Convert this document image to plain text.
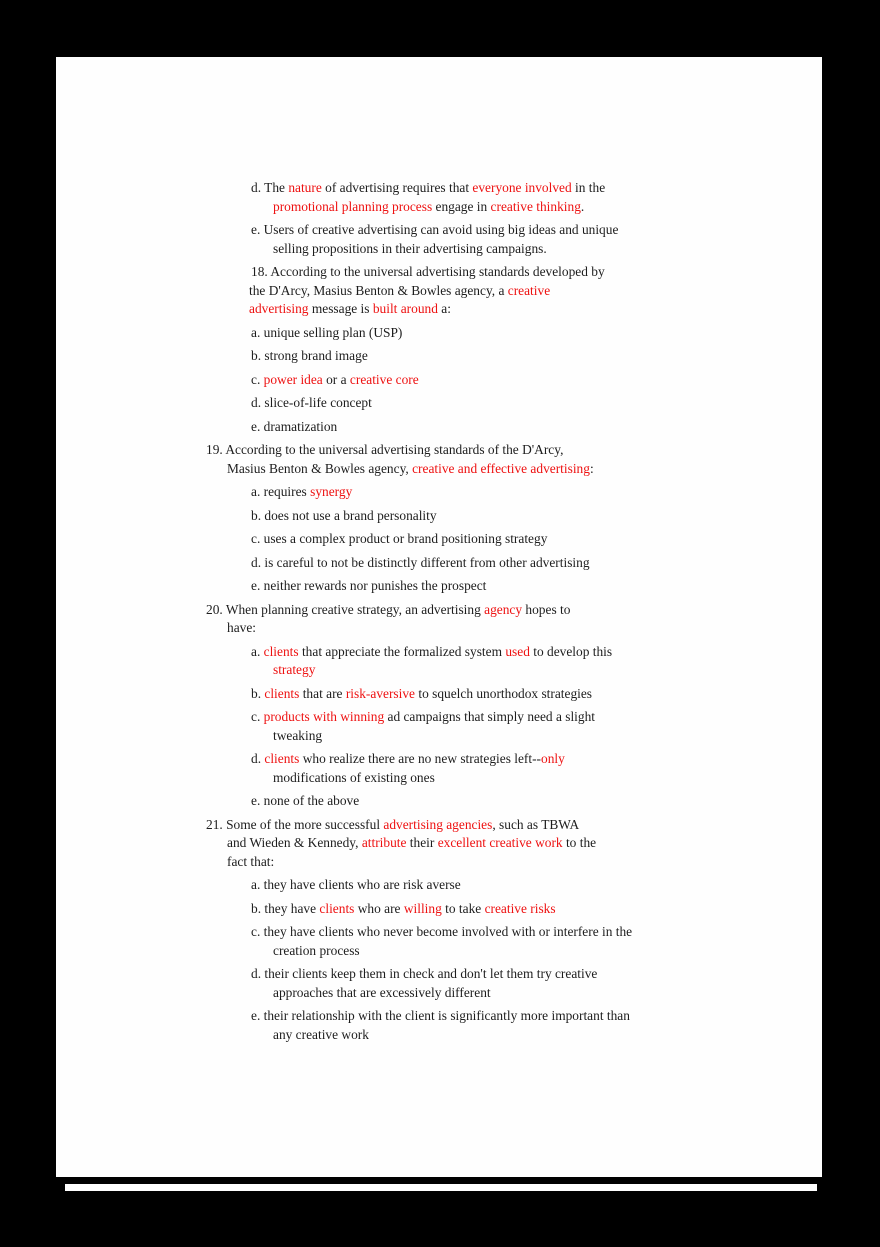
d. The nature of advertising requires that everyone involved in the
promotional planning process engage in creative thinking.
e. Users of creative advertising can avoid using big ideas and unique
selling propositions in their advertising campaigns.
18. According to the universal advertising standards developed by
the D'Arcy, Masius Benton & Bowles agency, a creative
advertising message is built around a:
a. unique selling plan (USP)
b. strong brand image
c. power idea or a creative core
d. slice-of-life concept
e. dramatization
19. According to the universal advertising standards of the D'Arcy,
Masius Benton & Bowles agency, creative and effective advertising:
a. requires synergy
b. does not use a brand personality
c. uses a complex product or brand positioning strategy
d. is careful to not be distinctly different from other advertising
e. neither rewards nor punishes the prospect
20. When planning creative strategy, an advertising agency hopes to
have:
a. clients that appreciate the formalized system used to develop this
strategy
b. clients that are risk-aversive to squelch unorthodox strategies
c. products with winning ad campaigns that simply need a slight
tweaking
d. clients who realize there are no new strategies left--only
modifications of existing ones
e. none of the above
21. Some of the more successful advertising agencies, such as TBWA
and Wieden & Kennedy, attribute their excellent creative work to the
fact that:
a. they have clients who are risk averse
b. they have clients who are willing to take creative risks
c. they have clients who never become involved with or interfere in the
creation process
d. their clients keep them in check and don't let them try creative
approaches that are excessively different
e. their relationship with the client is significantly more important than
any creative work
